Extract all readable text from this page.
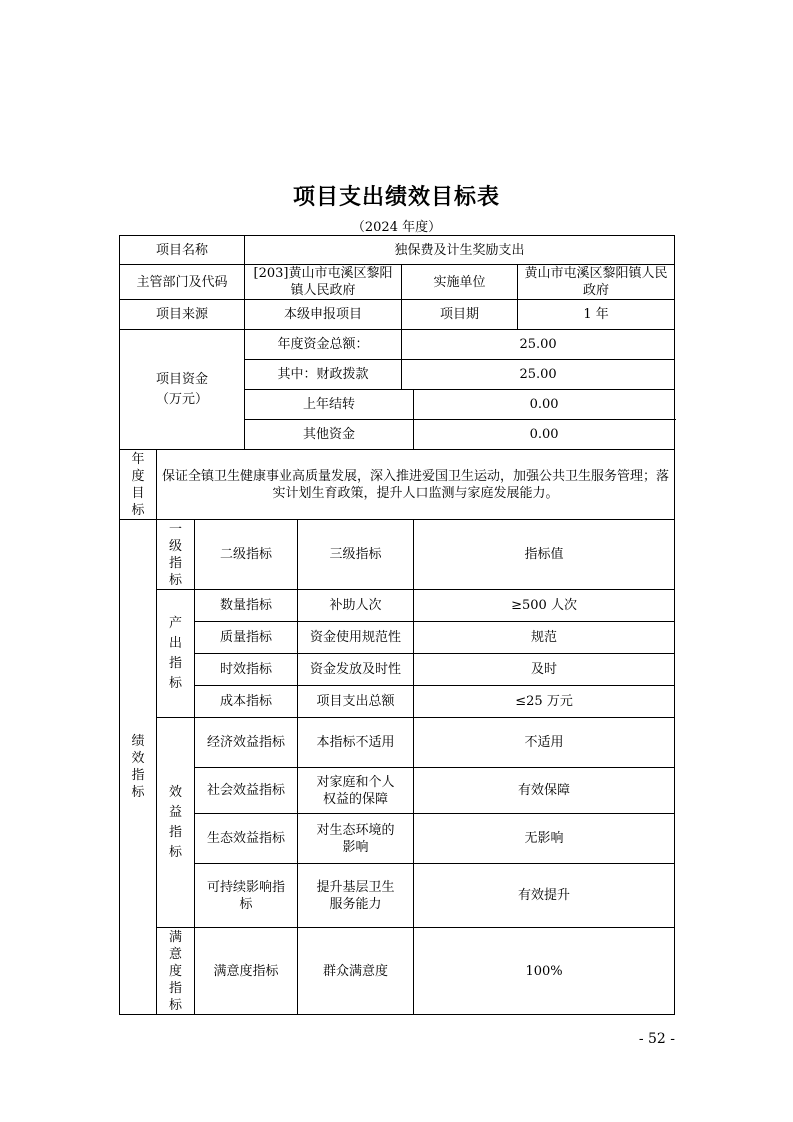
项目支出绩效目标表
（2024 年度）
项目名称			独保费及计生奖励支出				
主管部门及代码			[203]黄山市屯溪区黎阳镇人民政府		实施单位		黄山市屯溪区黎阳镇人民政府
项目来源			本级申报项目		项目期		1 年
项目资金（万元）			年度资金总额：		25.00		
			其中：财政拨款		25.00		
			上年结转			0.00	
			其他资金			0.00	
年度目标	保证全镇卫生健康事业高质量发展，深入推进爱国卫生运动，加强公共卫生服务管理；落实计划生育政策，提升人口监测与家庭发展能力。						
绩效指标	一级指标	二级指标		三级指标		指标值	
	产出指标	数量指标		补助人次		≥500 人次	
		质量指标		资金使用规范性		规范	
		时效指标		资金发放及时性		及时	
		成本指标		项目支出总额		≤25 万元	
	效益指标	经济效益指标		本指标不适用		不适用	
		社会效益指标		对家庭和个人权益的保障		有效保障	
		生态效益指标		对生态环境的影响		无影响	
		可持续影响指标		提升基层卫生服务能力		有效提升	
	满意度指标	满意度指标		群众满意度		100%	
- 52 -
